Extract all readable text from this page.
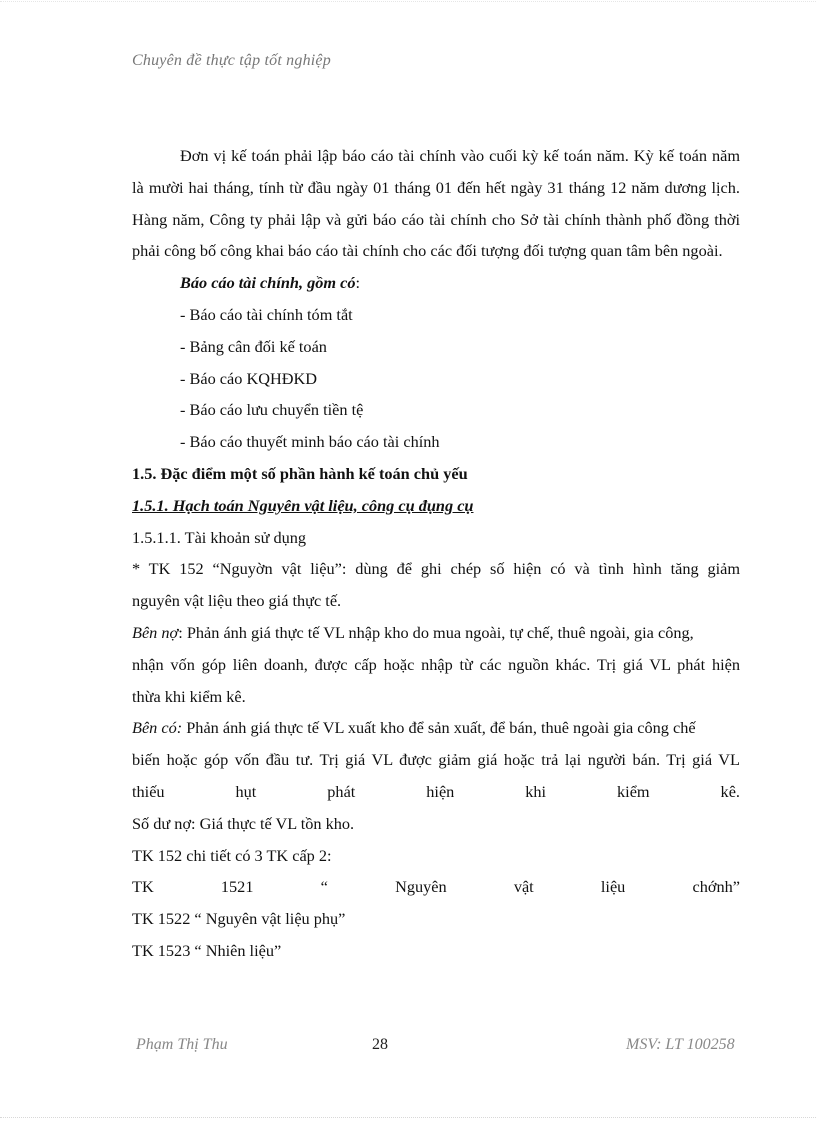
Chuyên đề thực tập tốt nghiệp
Đơn vị kế toán phải lập báo cáo tài chính vào cuối kỳ kế toán năm. Kỳ kế toán năm
là mười hai tháng, tính từ đầu ngày 01 tháng 01 đến hết ngày 31 tháng 12 năm dương lịch.
Hàng năm, Công ty phải lập và gửi báo cáo tài chính cho Sở tài chính thành phố đồng thời
phải công bố công khai báo cáo tài chính cho các đối tượng đối tượng quan tâm bên ngoài.
Báo cáo tài chính, gồm có:
- Báo cáo tài chính tóm tắt
- Bảng cân đối kế toán
- Báo cáo KQHĐKD
- Báo cáo lưu chuyển tiền tệ
- Báo cáo thuyết minh báo cáo tài chính
1.5. Đặc điểm một số phần hành kế toán chủ yếu
1.5.1. Hạch toán Nguyên vật liệu, công cụ đụng cụ
1.5.1.1. Tài khoản sử dụng
* TK 152 “Nguyờn vật liệu”: dùng để ghi chép số hiện có và tình hình tăng giảm
nguyên vật liệu theo giá thực tế.
Bên nợ: Phản ánh giá thực tế VL nhập kho do mua ngoài, tự chế, thuê ngoài, gia công,
nhận vốn góp liên doanh, được cấp hoặc nhập từ các nguồn khác. Trị giá VL phát hiện
thừa khi kiểm kê.
Bên có: Phản ánh giá thực tế VL xuất kho để sản xuất, để bán, thuê ngoài gia công chế
biến hoặc góp vốn đầu tư. Trị giá VL được giảm giá hoặc trả lại người bán. Trị giá VL
thiếu hụt phát hiện khi kiểm kê.
Số dư nợ: Giá thực tế VL tồn kho.
TK 152 chi tiết có 3 TK cấp 2:
TK 1521 “ Nguyên vật liệu chớnh”
TK 1522 “ Nguyên vật liệu phụ”
TK 1523 “ Nhiên liệu”
Phạm Thị Thu	28	MSV: LT 100258
